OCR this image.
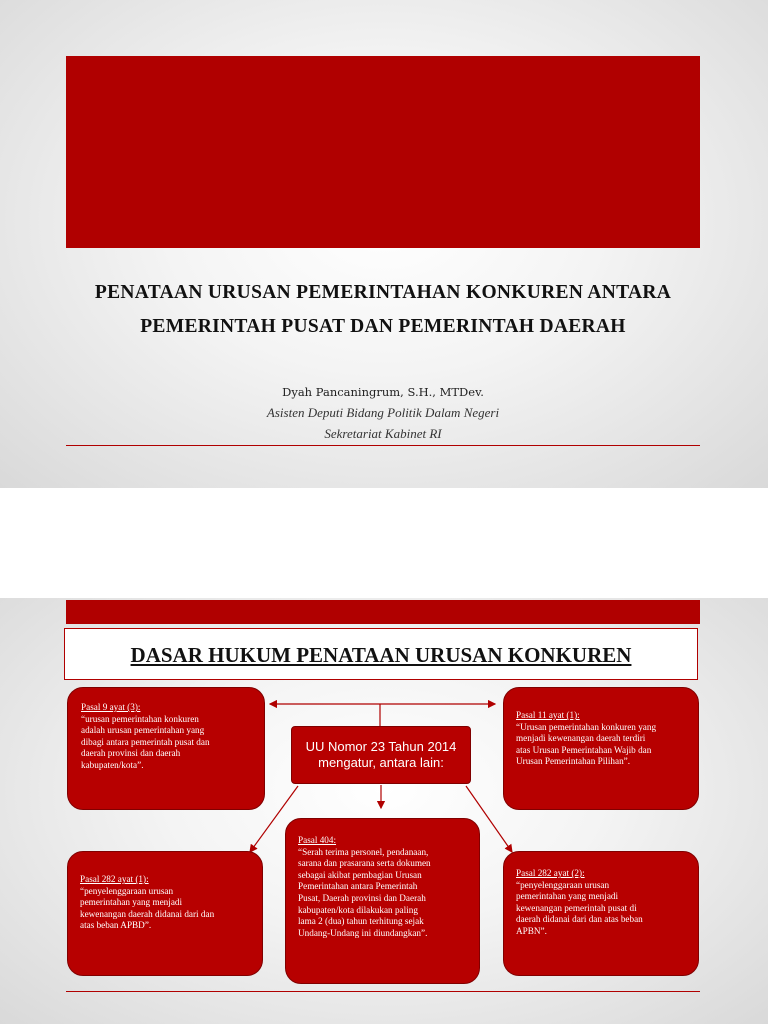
PENATAAN URUSAN PEMERINTAHAN KONKUREN ANTARA
PEMERINTAH PUSAT DAN PEMERINTAH DAERAH
Dyah Pancaningrum, S.H., MTDev.
Asisten Deputi Bidang Politik Dalam Negeri
Sekretariat Kabinet RI
DASAR HUKUM PENATAAN URUSAN KONKUREN
UU Nomor 23 Tahun 2014
mengatur, antara lain:
Pasal 9 ayat (3):
“urusan pemerintahan konkuren
adalah urusan pemerintahan yang
dibagi antara pemerintah pusat dan
daerah provinsi dan daerah
kabupaten/kota”.
Pasal 11 ayat (1):
“Urusan pemerintahan konkuren yang
menjadi kewenangan daerah terdiri
atas Urusan Pemerintahan Wajib dan
Urusan Pemerintahan Pilihan”.
Pasal 282 ayat (1):
“penyelenggaraan urusan
pemerintahan yang menjadi
kewenangan daerah didanai dari dan
atas beban APBD”.
Pasal 404:
“Serah terima personel, pendanaan,
sarana dan prasarana serta dokumen
sebagai akibat pembagian Urusan
Pemerintahan antara Pemerintah
Pusat, Daerah provinsi dan Daerah
kabupaten/kota dilakukan paling
lama 2 (dua) tahun terhitung sejak
Undang-Undang ini diundangkan”.
Pasal 282 ayat (2):
“penyelenggaraan urusan
pemerintahan yang menjadi
kewenangan pemerintah pusat di
daerah didanai dari dan atas beban
APBN”.
